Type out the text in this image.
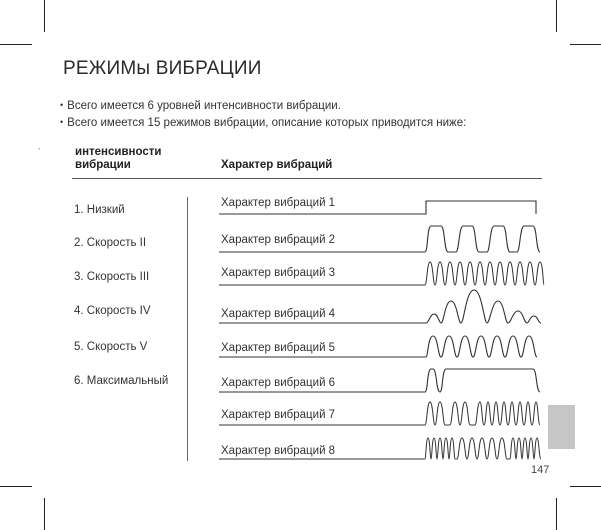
РЕЖИМы ВИБРАЦИИ
• Всего имеется 6 уровней интенсивности вибрации.
• Всего имеется 15 режимов вибрации, описание которых приводится ниже:
ˋ	интенсивности
вибрации	Характер вибраций
1. Низкий
2. Скорость II
3. Скорость III
4. Скорость IV
5. Скорость V
6. Максимальный
Характер вибраций 1
Характер вибраций 2
Характер вибраций 3
Характер вибраций 4
Характер вибраций 5
Характер вибраций 6
Характер вибраций 7
Характер вибраций 8
147
